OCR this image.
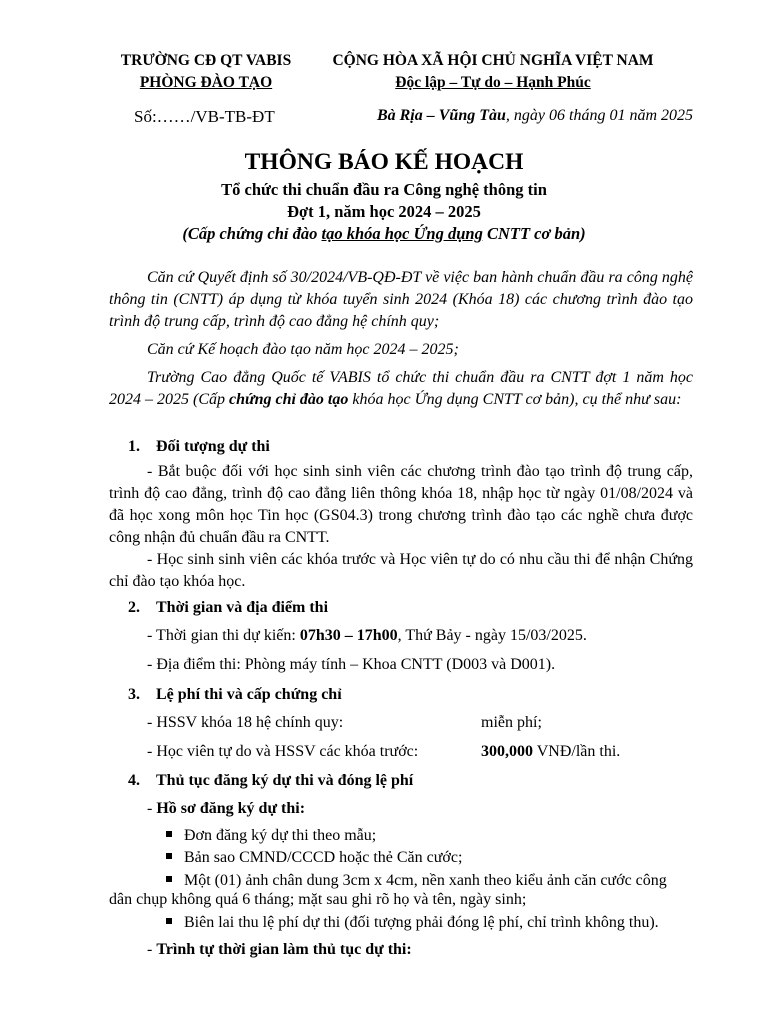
TRƯỜNG CĐ QT VABIS
PHÒNG ĐÀO TẠO
CỘNG HÒA XÃ HỘI CHỦ NGHĨA VIỆT NAM
Độc lập – Tự do – Hạnh Phúc
Số:……/VB-TB-ĐT	Bà Rịa – Vũng Tàu, ngày 06 tháng 01 năm 2025
THÔNG BÁO KẾ HOẠCH
Tổ chức thi chuẩn đầu ra Công nghệ thông tin
Đợt 1, năm học 2024 – 2025
(Cấp chứng chỉ đào tạo khóa học Ứng dụng CNTT cơ bản)

Căn cứ Quyết định số 30/2024/VB-QĐ-ĐT về việc ban hành chuẩn đầu ra công nghệ thông tin (CNTT) áp dụng từ khóa tuyển sinh 2024 (Khóa 18) các chương trình đào tạo trình độ trung cấp, trình độ cao đẳng hệ chính quy;

Căn cứ Kế hoạch đào tạo năm học 2024 – 2025;

Trường Cao đẳng Quốc tế VABIS tổ chức thi chuẩn đầu ra CNTT đợt 1 năm học 2024 – 2025 (Cấp chứng chỉ đào tạo khóa học Ứng dụng CNTT cơ bản), cụ thể như sau:

1. Đối tượng dự thi

- Bắt buộc đối với học sinh sinh viên các chương trình đào tạo trình độ trung cấp, trình độ cao đẳng, trình độ cao đẳng liên thông khóa 18, nhập học từ ngày 01/08/2024 và đã học xong môn học Tin học (GS04.3) trong chương trình đào tạo các nghề chưa được công nhận đủ chuẩn đầu ra CNTT.

- Học sinh sinh viên các khóa trước và Học viên tự do có nhu cầu thi để nhận Chứng chỉ đào tạo khóa học.

2. Thời gian và địa điểm thi
- Thời gian thi dự kiến: 07h30 – 17h00, Thứ Bảy - ngày 15/03/2025.
- Địa điểm thi: Phòng máy tính – Khoa CNTT (D003 và D001).
3. Lệ phí thi và cấp chứng chỉ
- HSSV khóa 18 hệ chính quy:	miễn phí;
- Học viên tự do và HSSV các khóa trước:	300,000 VNĐ/lần thi.
4. Thủ tục đăng ký dự thi và đóng lệ phí
- Hồ sơ đăng ký dự thi:
Đơn đăng ký dự thi theo mẫu;
Bản sao CMND/CCCD hoặc thẻ Căn cước;
Một (01) ảnh chân dung 3cm x 4cm, nền xanh theo kiểu ảnh căn cước công
dân chụp không quá 6 tháng; mặt sau ghi rõ họ và tên, ngày sinh;
Biên lai thu lệ phí dự thi (đối tượng phải đóng lệ phí, chỉ trình không thu).
- Trình tự thời gian làm thủ tục dự thi:
